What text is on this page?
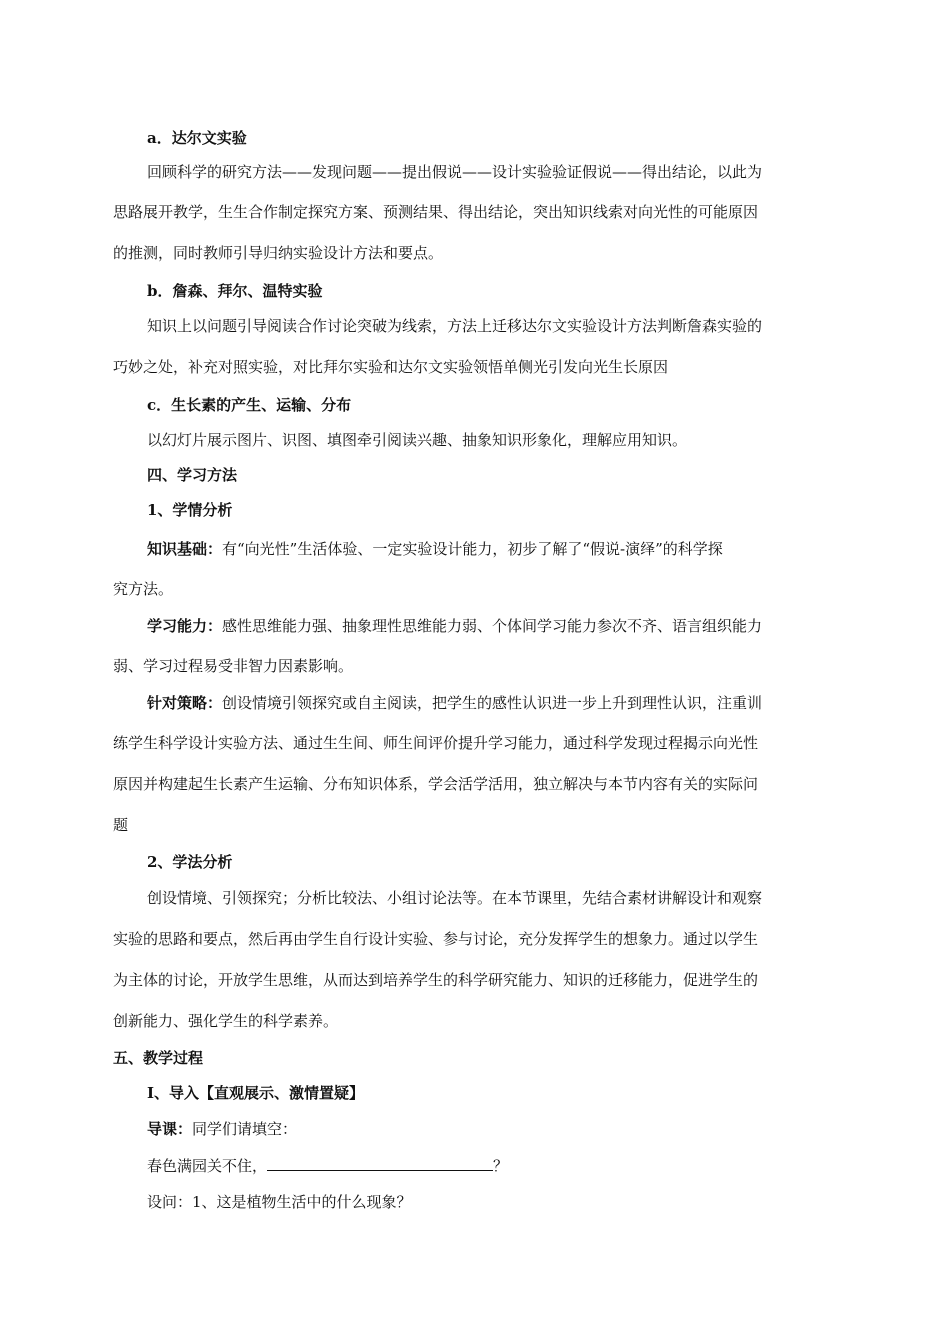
a．达尔文实验
回顾科学的研究方法——发现问题——提出假说——设计实验验证假说——得出结论，以此为
思路展开教学，生生合作制定探究方案、预测结果、得出结论，突出知识线索对向光性的可能原因
的推测，同时教师引导归纳实验设计方法和要点。
b．詹森、拜尔、温特实验
知识上以问题引导阅读合作讨论突破为线索，方法上迁移达尔文实验设计方法判断詹森实验的
巧妙之处，补充对照实验，对比拜尔实验和达尔文实验领悟单侧光引发向光生长原因
c．生长素的产生、运输、分布
以幻灯片展示图片、识图、填图牵引阅读兴趣、抽象知识形象化，理解应用知识。
四、学习方法
1、学情分析
知识基础：有“向光性”生活体验、一定实验设计能力，初步了解了“假说-演绎”的科学探
究方法。
学习能力：感性思维能力强、抽象理性思维能力弱、个体间学习能力参次不齐、语言组织能力
弱、学习过程易受非智力因素影响。
针对策略：创设情境引领探究或自主阅读，把学生的感性认识进一步上升到理性认识，注重训
练学生科学设计实验方法、通过生生间、师生间评价提升学习能力，通过科学发现过程揭示向光性
原因并构建起生长素产生运输、分布知识体系，学会活学活用，独立解决与本节内容有关的实际问
题
2、学法分析
创设情境、引领探究；分析比较法、小组讨论法等。在本节课里，先结合素材讲解设计和观察
实验的思路和要点，然后再由学生自行设计实验、参与讨论，充分发挥学生的想象力。通过以学生
为主体的讨论，开放学生思维，从而达到培养学生的科学研究能力、知识的迁移能力，促进学生的
创新能力、强化学生的科学素养。
五、教学过程
I、导入【直观展示、激情置疑】
导课：同学们请填空：
春色满园关不住，	？
设问：1、这是植物生活中的什么现象？
